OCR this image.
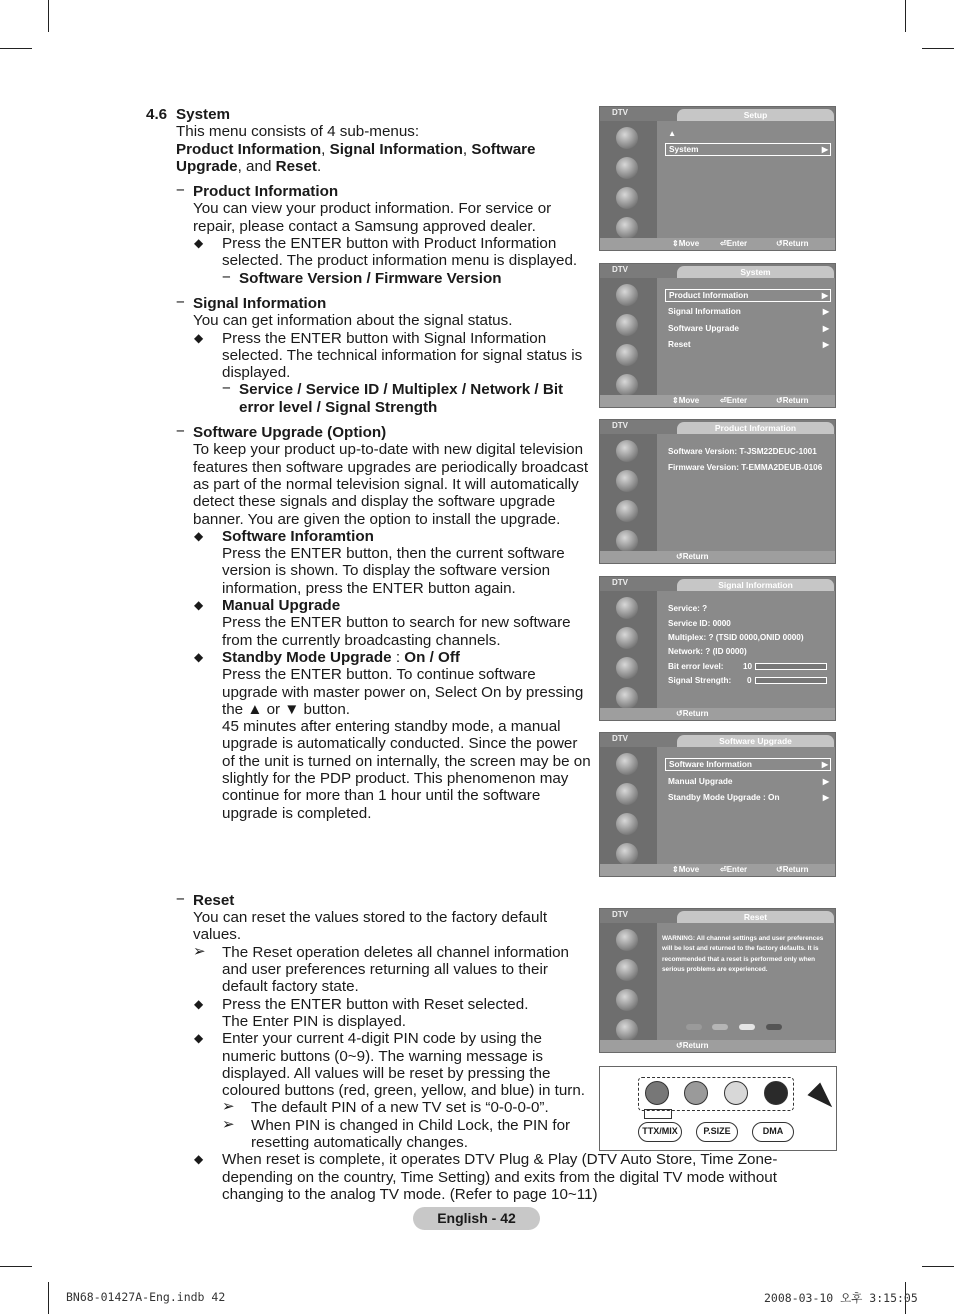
4.6 System
This menu consists of 4 sub-menus:
Product Information, Signal Information, Software Upgrade, and Reset.
− Product Information
You can view your product information. For service or repair, please contact a Samsung approved dealer.
◆ Press the ENTER button with Product Information selected. The product information menu is displayed.
− Software Version / Firmware Version
− Signal Information
You can get information about the signal status.
◆ Press the ENTER button with Signal Information selected. The technical information for signal status is displayed.
− Service / Service ID / Multiplex / Network / Bit error level / Signal Strength
− Software Upgrade (Option)
To keep your product up-to-date with new digital television features then software upgrades are periodically broadcast as part of the normal television signal. It will automatically detect these signals and display the software upgrade banner. You are given the option to install the upgrade.
◆ Software Inforamtion
Press the ENTER button, then the current software version is shown. To display the software version information, press the ENTER button again.
◆ Manual Upgrade
Press the ENTER button to search for new software from the currently broadcasting channels.
◆ Standby Mode Upgrade : On / Off
Press the ENTER button. To continue software upgrade with master power on, Select On by pressing the ▲ or ▼ button.
45 minutes after entering standby mode, a manual upgrade is automatically conducted. Since the power of the unit is turned on internally, the screen may be on slightly for the PDP product. This phenomenon may continue for more than 1 hour until the software upgrade is completed.
− Reset
You can reset the values stored to the factory default values.
➢ The Reset operation deletes all channel information and user preferences returning all values to their default factory state.
◆ Press the ENTER button with Reset selected.
The Enter PIN is displayed.
◆ Enter your current 4-digit PIN code by using the numeric buttons (0~9). The warning message is displayed. All values will be reset by pressing the coloured buttons (red, green, yellow, and blue) in turn.
➢ The default PIN of a new TV set is “0-0-0-0”.
➢ When PIN is changed in Child Lock, the PIN for resetting automatically changes.
◆ When reset is complete, it operates DTV Plug & Play (DTV Auto Store, Time Zone-depending on the country, Time Setting) and exits from the digital TV mode without changing to the analog TV mode. (Refer to page 10~11)
DTV	Setup
▲
System	▶
⇕ Move	⏎ Enter	↺ Return
DTV	System
Product Information	▶
Signal Information	▶
Software Upgrade	▶
Reset	▶
⇕ Move	⏎ Enter	↺ Return
DTV	Product Information
Software Version: T-JSM22DEUC-1001
Firmware Version: T-EMMA2DEUB-0106
↺ Return
DTV	Signal Information
Service: ?
Service ID: 0000
Multiplex: ? (TSID 0000,ONID 0000)
Network: ? (ID 0000)
Bit error level: 10
Signal Strength: 0
↺ Return
DTV	Software Upgrade
Software Information	▶
Manual Upgrade	▶
Standby Mode Upgrade : On	▶
⇕ Move	⏎ Enter	↺ Return
DTV	Reset
WARNING: All channel settings and user preferences will be lost and returned to the factory defaults. It is recommended that a reset is performed only when serious problems are experienced.
↺ Return
TTX/MIX	P.SIZE	DMA
English - 42
BN68-01427A-Eng.indb 42	2008-03-10 오후 3:15:05
